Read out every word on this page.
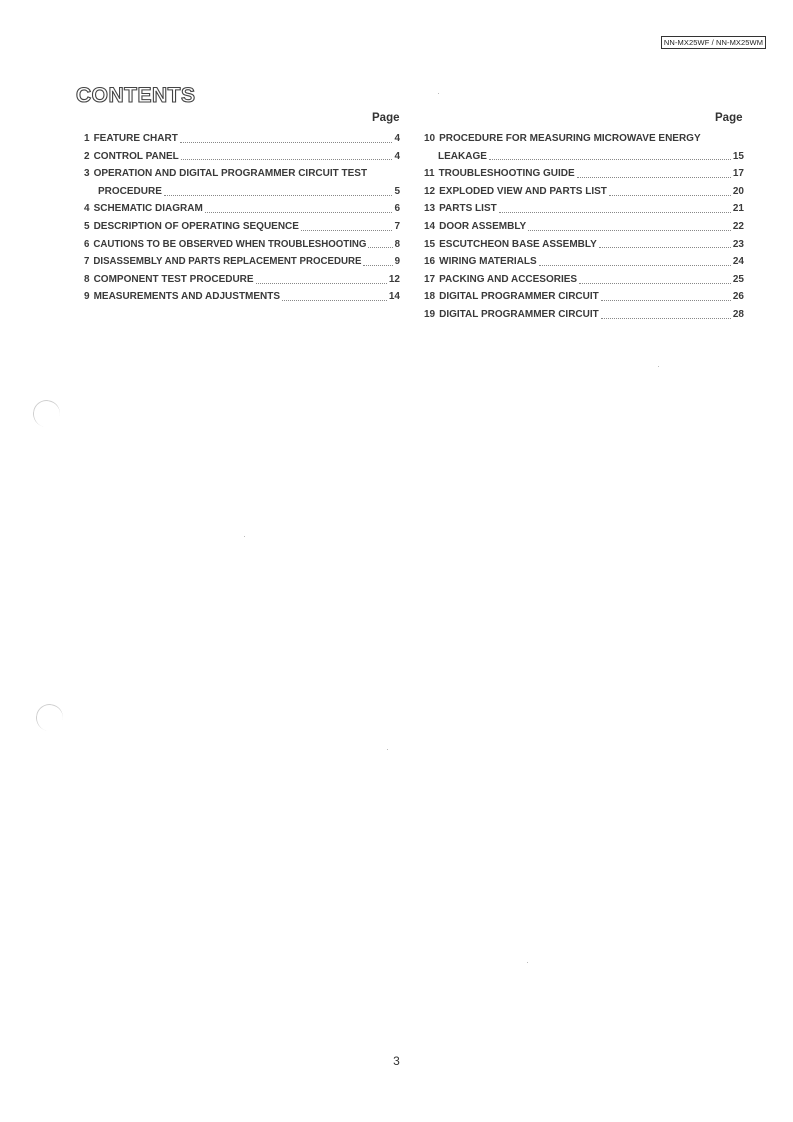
NN-MX25WF / NN-MX25WM
CONTENTS
Page	Page
1 FEATURE CHART	4
2 CONTROL PANEL	4
3 OPERATION AND DIGITAL PROGRAMMER CIRCUIT TEST
PROCEDURE	5
4 SCHEMATIC DIAGRAM	6
5 DESCRIPTION OF OPERATING SEQUENCE	7
6 CAUTIONS TO BE OBSERVED WHEN TROUBLESHOOTING	8
7 DISASSEMBLY AND PARTS REPLACEMENT PROCEDURE	9
8 COMPONENT TEST PROCEDURE	12
9 MEASUREMENTS AND ADJUSTMENTS	14
10 PROCEDURE FOR MEASURING MICROWAVE ENERGY
LEAKAGE	15
11 TROUBLESHOOTING GUIDE	17
12 EXPLODED VIEW AND PARTS LIST	20
13 PARTS LIST	21
14 DOOR ASSEMBLY	22
15 ESCUTCHEON BASE ASSEMBLY	23
16 WIRING MATERIALS	24
17 PACKING AND ACCESORIES	25
18 DIGITAL PROGRAMMER CIRCUIT	26
19 DIGITAL PROGRAMMER CIRCUIT	28
3
